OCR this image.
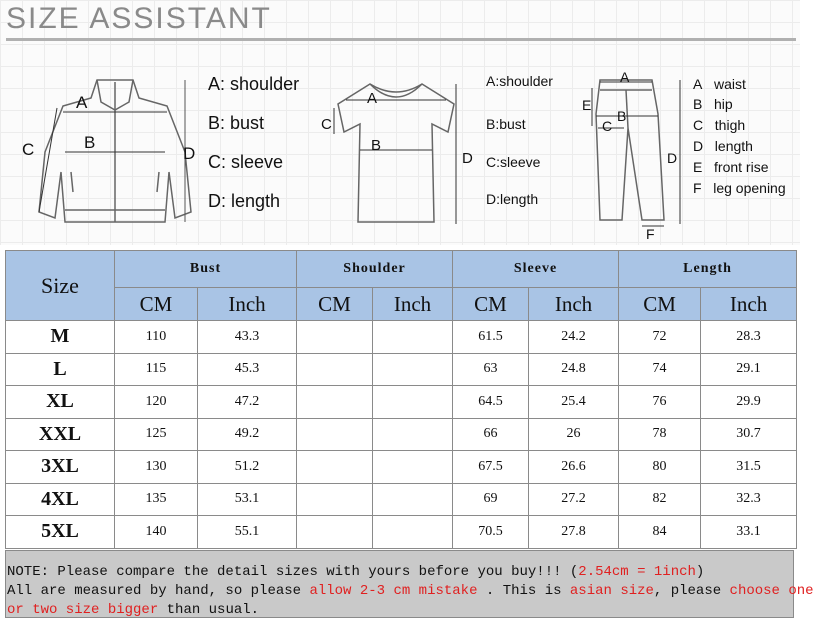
SIZE ASSISTANT
A
B
C	D
A: shoulder
B: bust
C: sleeve
D: length
A
B
C
D
A:shoulder
B:bust
C:sleeve
D:length
A
B
C
D
E
F
A waist
B hip
C thigh
D length
E front rise
F leg opening
Size	Bust		Shoulder		Sleeve		Length	
	CM	Inch	CM	Inch	CM	Inch	CM	Inch
M	110	43.3			61.5	24.2	72	28.3
L	115	45.3			63	24.8	74	29.1
XL	120	47.2			64.5	25.4	76	29.9
XXL	125	49.2			66	26	78	30.7
3XL	130	51.2			67.5	26.6	80	31.5
4XL	135	53.1			69	27.2	82	32.3
5XL	140	55.1			70.5	27.8	84	33.1
NOTE: Please compare the detail sizes with yours before you buy!!! (2.54cm = 1inch)
All are measured by hand, so please allow 2-3 cm mistake . This is asian size, please choose one
or two size bigger than usual.
